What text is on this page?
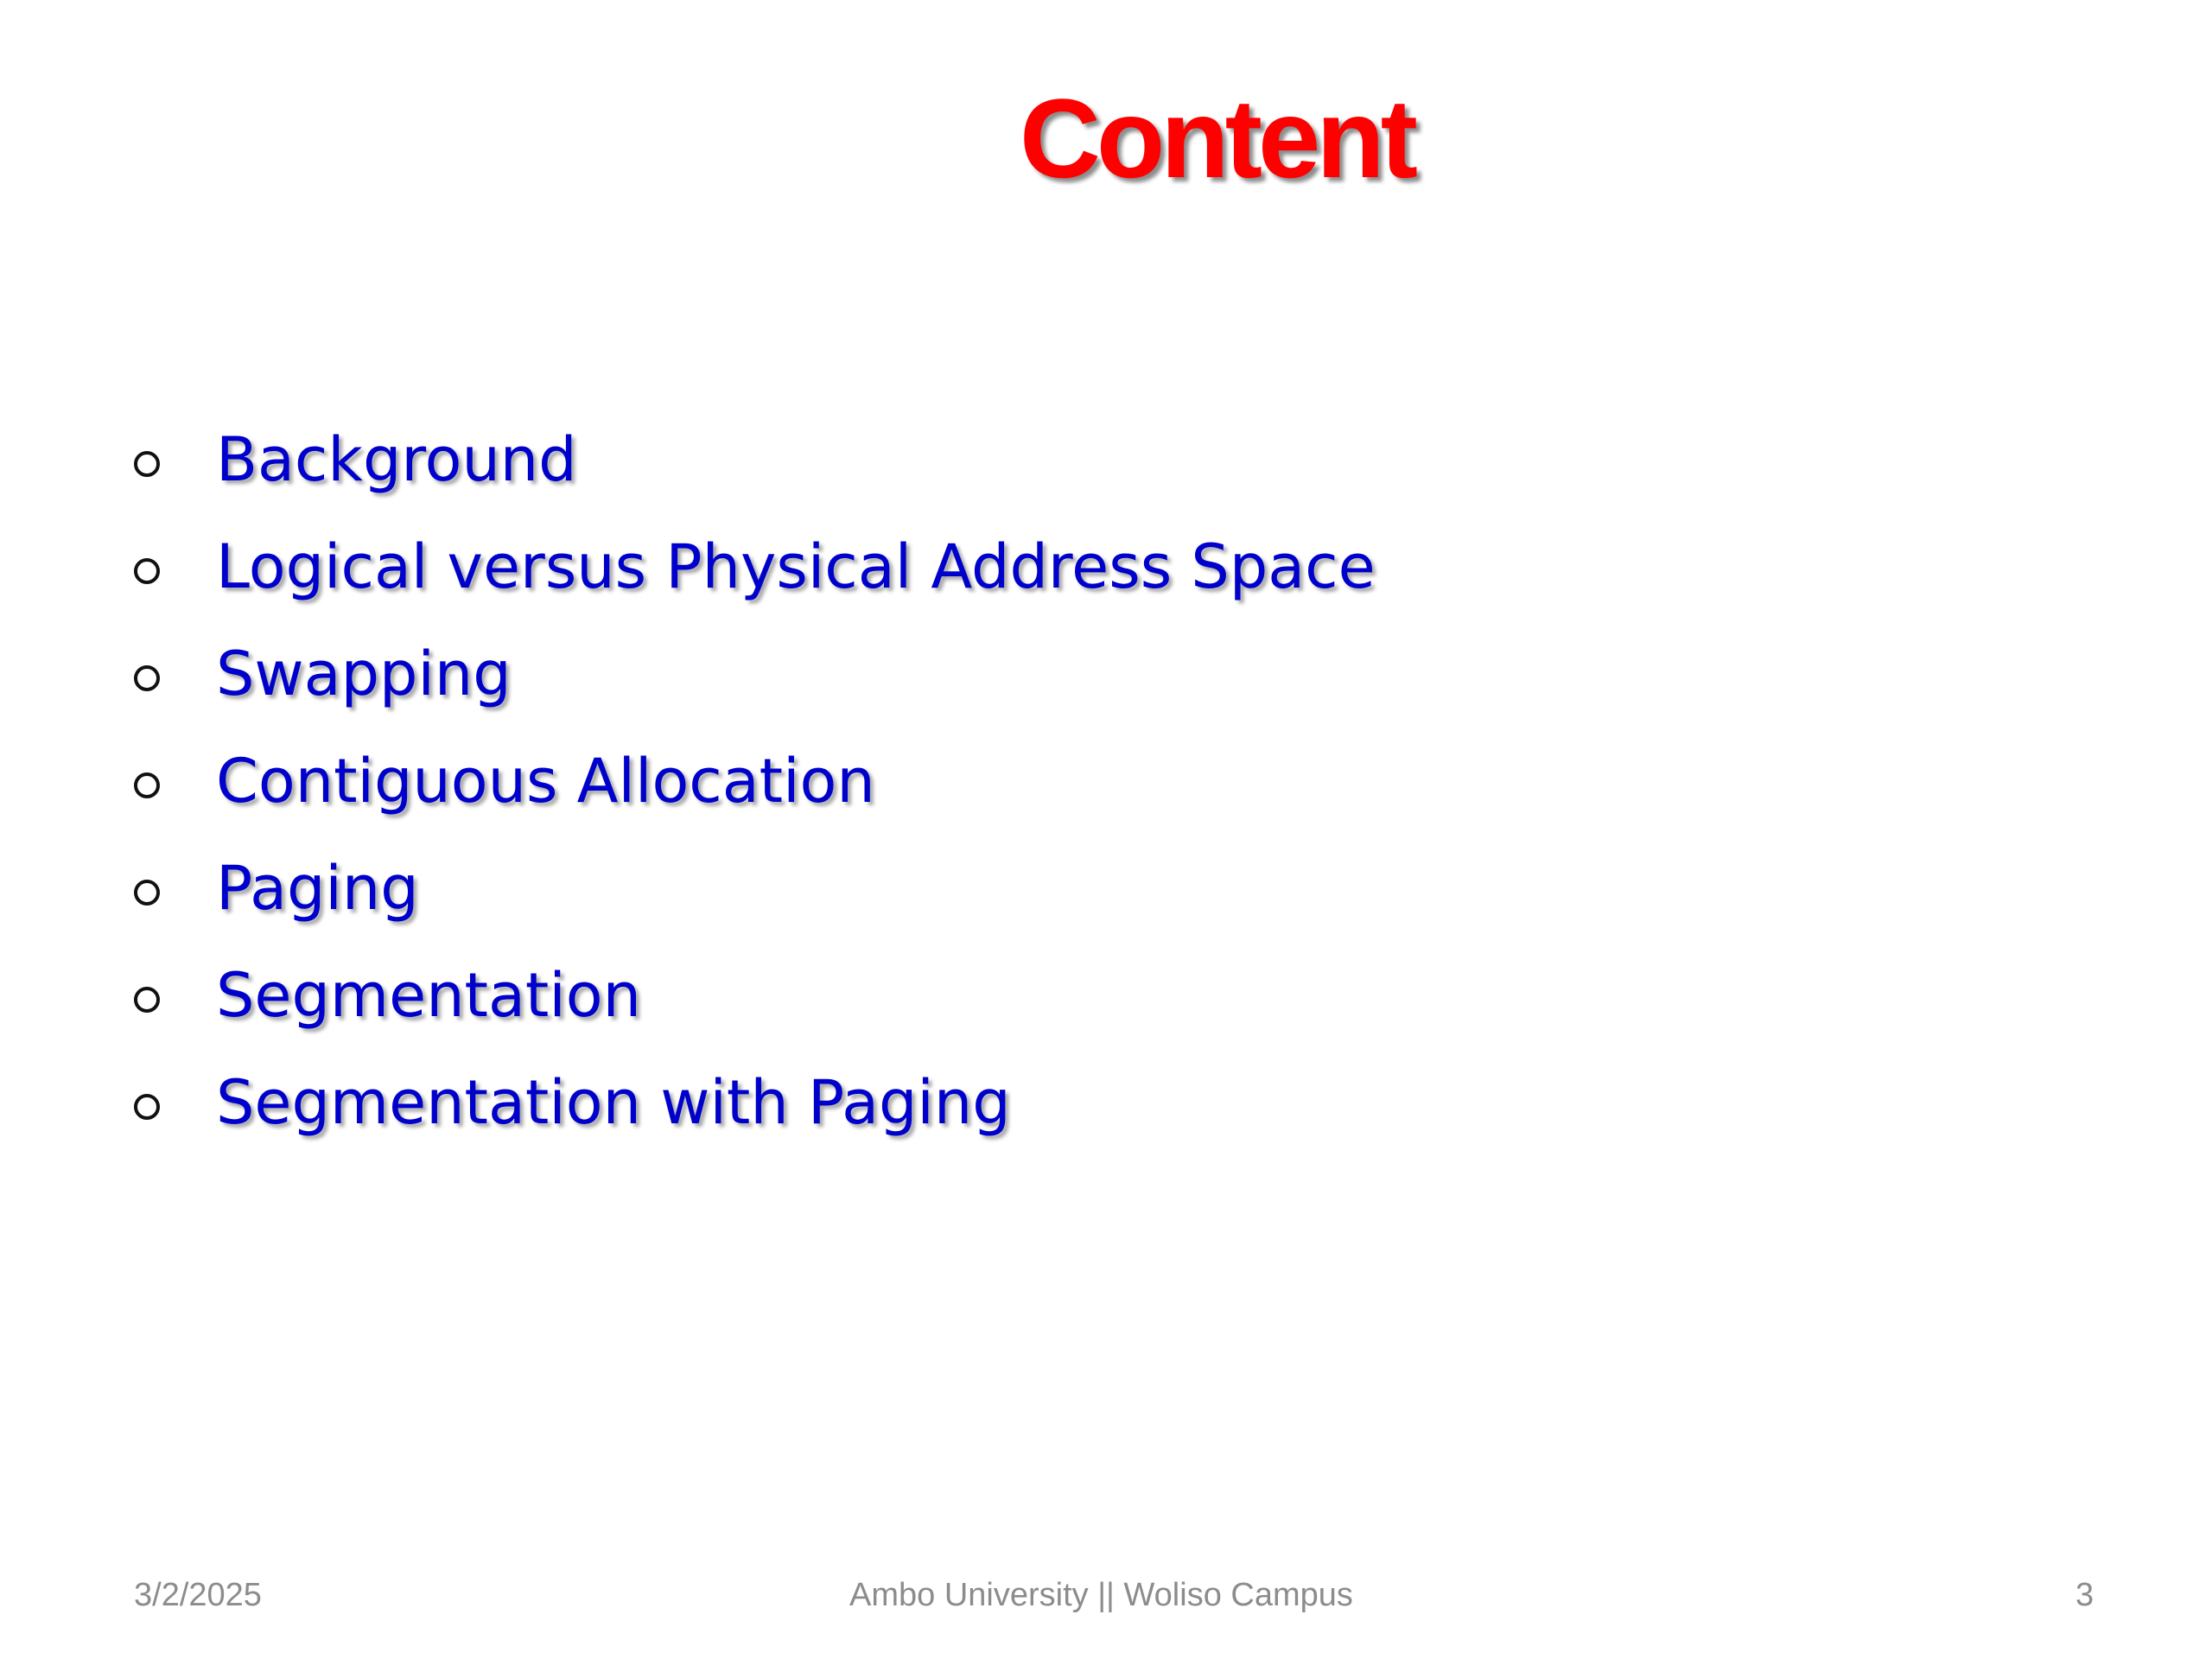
Content
Background
Logical versus Physical Address Space
Swapping
Contiguous Allocation
Paging
Segmentation
Segmentation with Paging
3/2/2025	Ambo University || Woliso Campus	3
